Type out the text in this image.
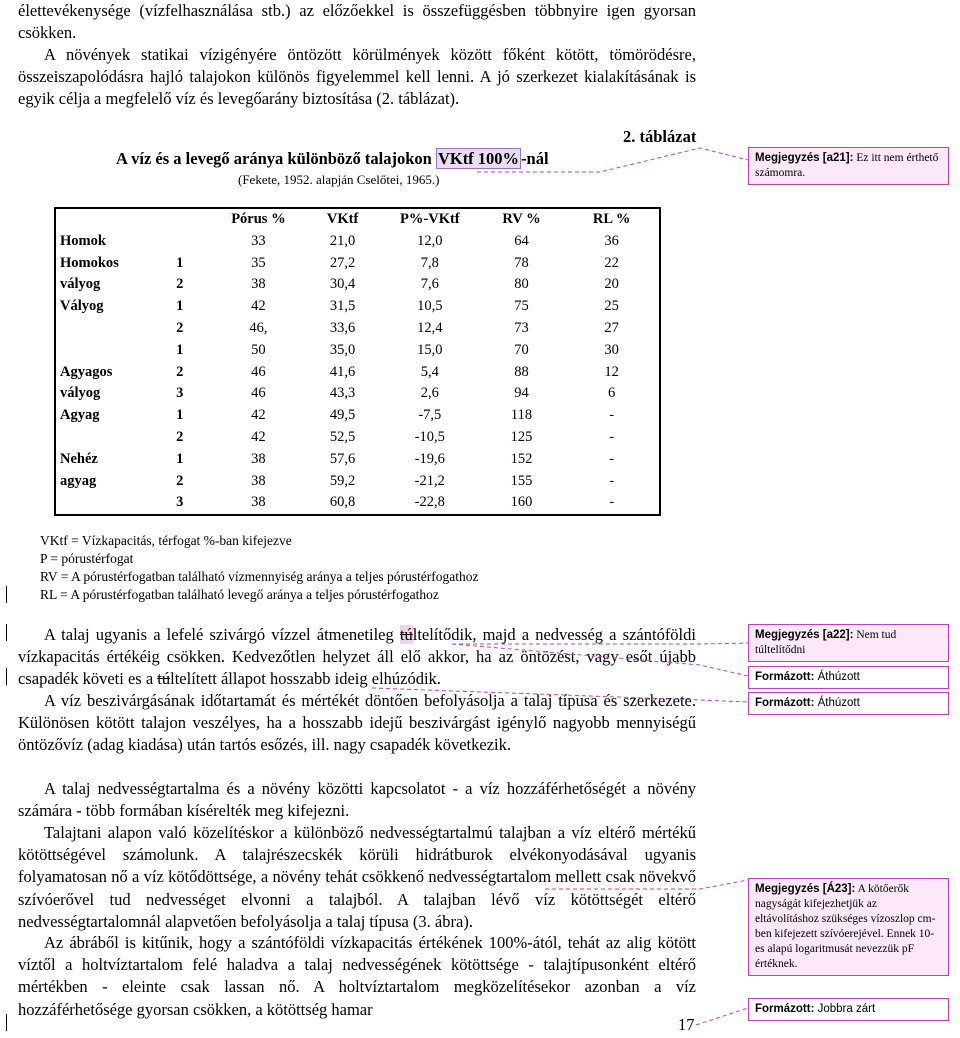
élettevékenysége (vízfelhasználása stb.) az előzőekkel is összefüggésben többnyire igen gyorsan csökken.
A növények statikai vízigényére öntözött körülmények között főként kötött, tömörödésre, összeiszapolódásra hajló talajokon különös figyelemmel kell lenni. A jó szerkezet kialakításának is egyik célja a megfelelő víz és levegőarány biztosítása (2. táblázat).
2. táblázat
A víz és a levegő aránya különböző talajokon VKtf 100% -nál
(Fekete, 1952. alapján Cselőtei, 1965.)
		Pórus %	VKtf	P%-VKtf	RV %	RL %
Homok		33	21,0	12,0	64	36
Homokos	1	35	27,2	7,8	78	22
vályog	2	38	30,4	7,6	80	20
Vályog	1	42	31,5	10,5	75	25
	2	46,	33,6	12,4	73	27
	1	50	35,0	15,0	70	30
Agyagos	2	46	41,6	5,4	88	12
vályog	3	46	43,3	2,6	94	6
Agyag	1	42	49,5	-7,5	118	-
	2	42	52,5	-10,5	125	-
Nehéz	1	38	57,6	-19,6	152	-
agyag	2	38	59,2	-21,2	155	-
	3	38	60,8	-22,8	160	-
VKtf = Vízkapacitás, térfogat %-ban kifejezve
P = pórustérfogat
RV = A pórustérfogatban található vízmennyiség aránya a teljes pórustérfogathoz
RL = A pórustérfogatban található levegő aránya a teljes pórustérfogathoz
A talaj ugyanis a lefelé szivárgó vízzel átmenetileg túltelítődik, majd a nedvesség a szántóföldi vízkapacitás értékéig csökken. Kedvezőtlen helyzet áll elő akkor, ha az öntözést, vagy esőt újabb csapadék követi es a túltelített állapot hosszabb ideig elhúzódik.
A víz beszivárgásának időtartamát és mértékét döntően befolyásolja a talaj típusa és szerkezete. Különösen kötött talajon veszélyes, ha a hosszabb idejű beszivárgást igénylő nagyobb mennyiségű öntözővíz (adag kiadása) után tartós esőzés, ill. nagy csapadék következik.
A talaj nedvességtartalma és a növény közötti kapcsolatot - a víz hozzáférhetőségét a növény számára - több formában kísérelték meg kifejezni.
Talajtani alapon való közelítéskor a különböző nedvességtartalmú talajban a víz eltérő mértékű kötöttségével számolunk. A talajrészecskék körüli hidrátburok elvékonyodásával ugyanis folyamatosan nő a víz kötődöttsége, a növény tehát csökkenő nedvességtartalom mellett csak növekvő szívóerővel tud nedvességet elvonni a talajból. A talajban lévő víz kötöttségét eltérő nedvességtartalomnál alapvetően befolyásolja a talaj típusa (3. ábra).
Az ábráből is kitűnik, hogy a szántóföldi vízkapacitás értékének 100%-ától, tehát az alig kötött víztől a holtvíztartalom felé haladva a talaj nedvességének kötöttsége - talajtípusonként eltérő mértékben - eleinte csak lassan nő. A holtvíztartalom megközelítésekor azonban a víz hozzáférhetősége gyorsan csökken, a kötöttség hamar
17
Megjegyzés [a21]: Ez itt nem érthető számomra.
Megjegyzés [a22]: Nem tud túltelítődni
Formázott: Áthúzott
Formázott: Áthúzott
Megjegyzés [Á23]: A kötőerők nagyságát kifejezhetjük az eltávolításhoz szükséges vízoszlop cm-ben kifejezett szívóerejével. Ennek 10-es alapú logaritmusát nevezzük pF értéknek.
Formázott: Jobbra zárt
